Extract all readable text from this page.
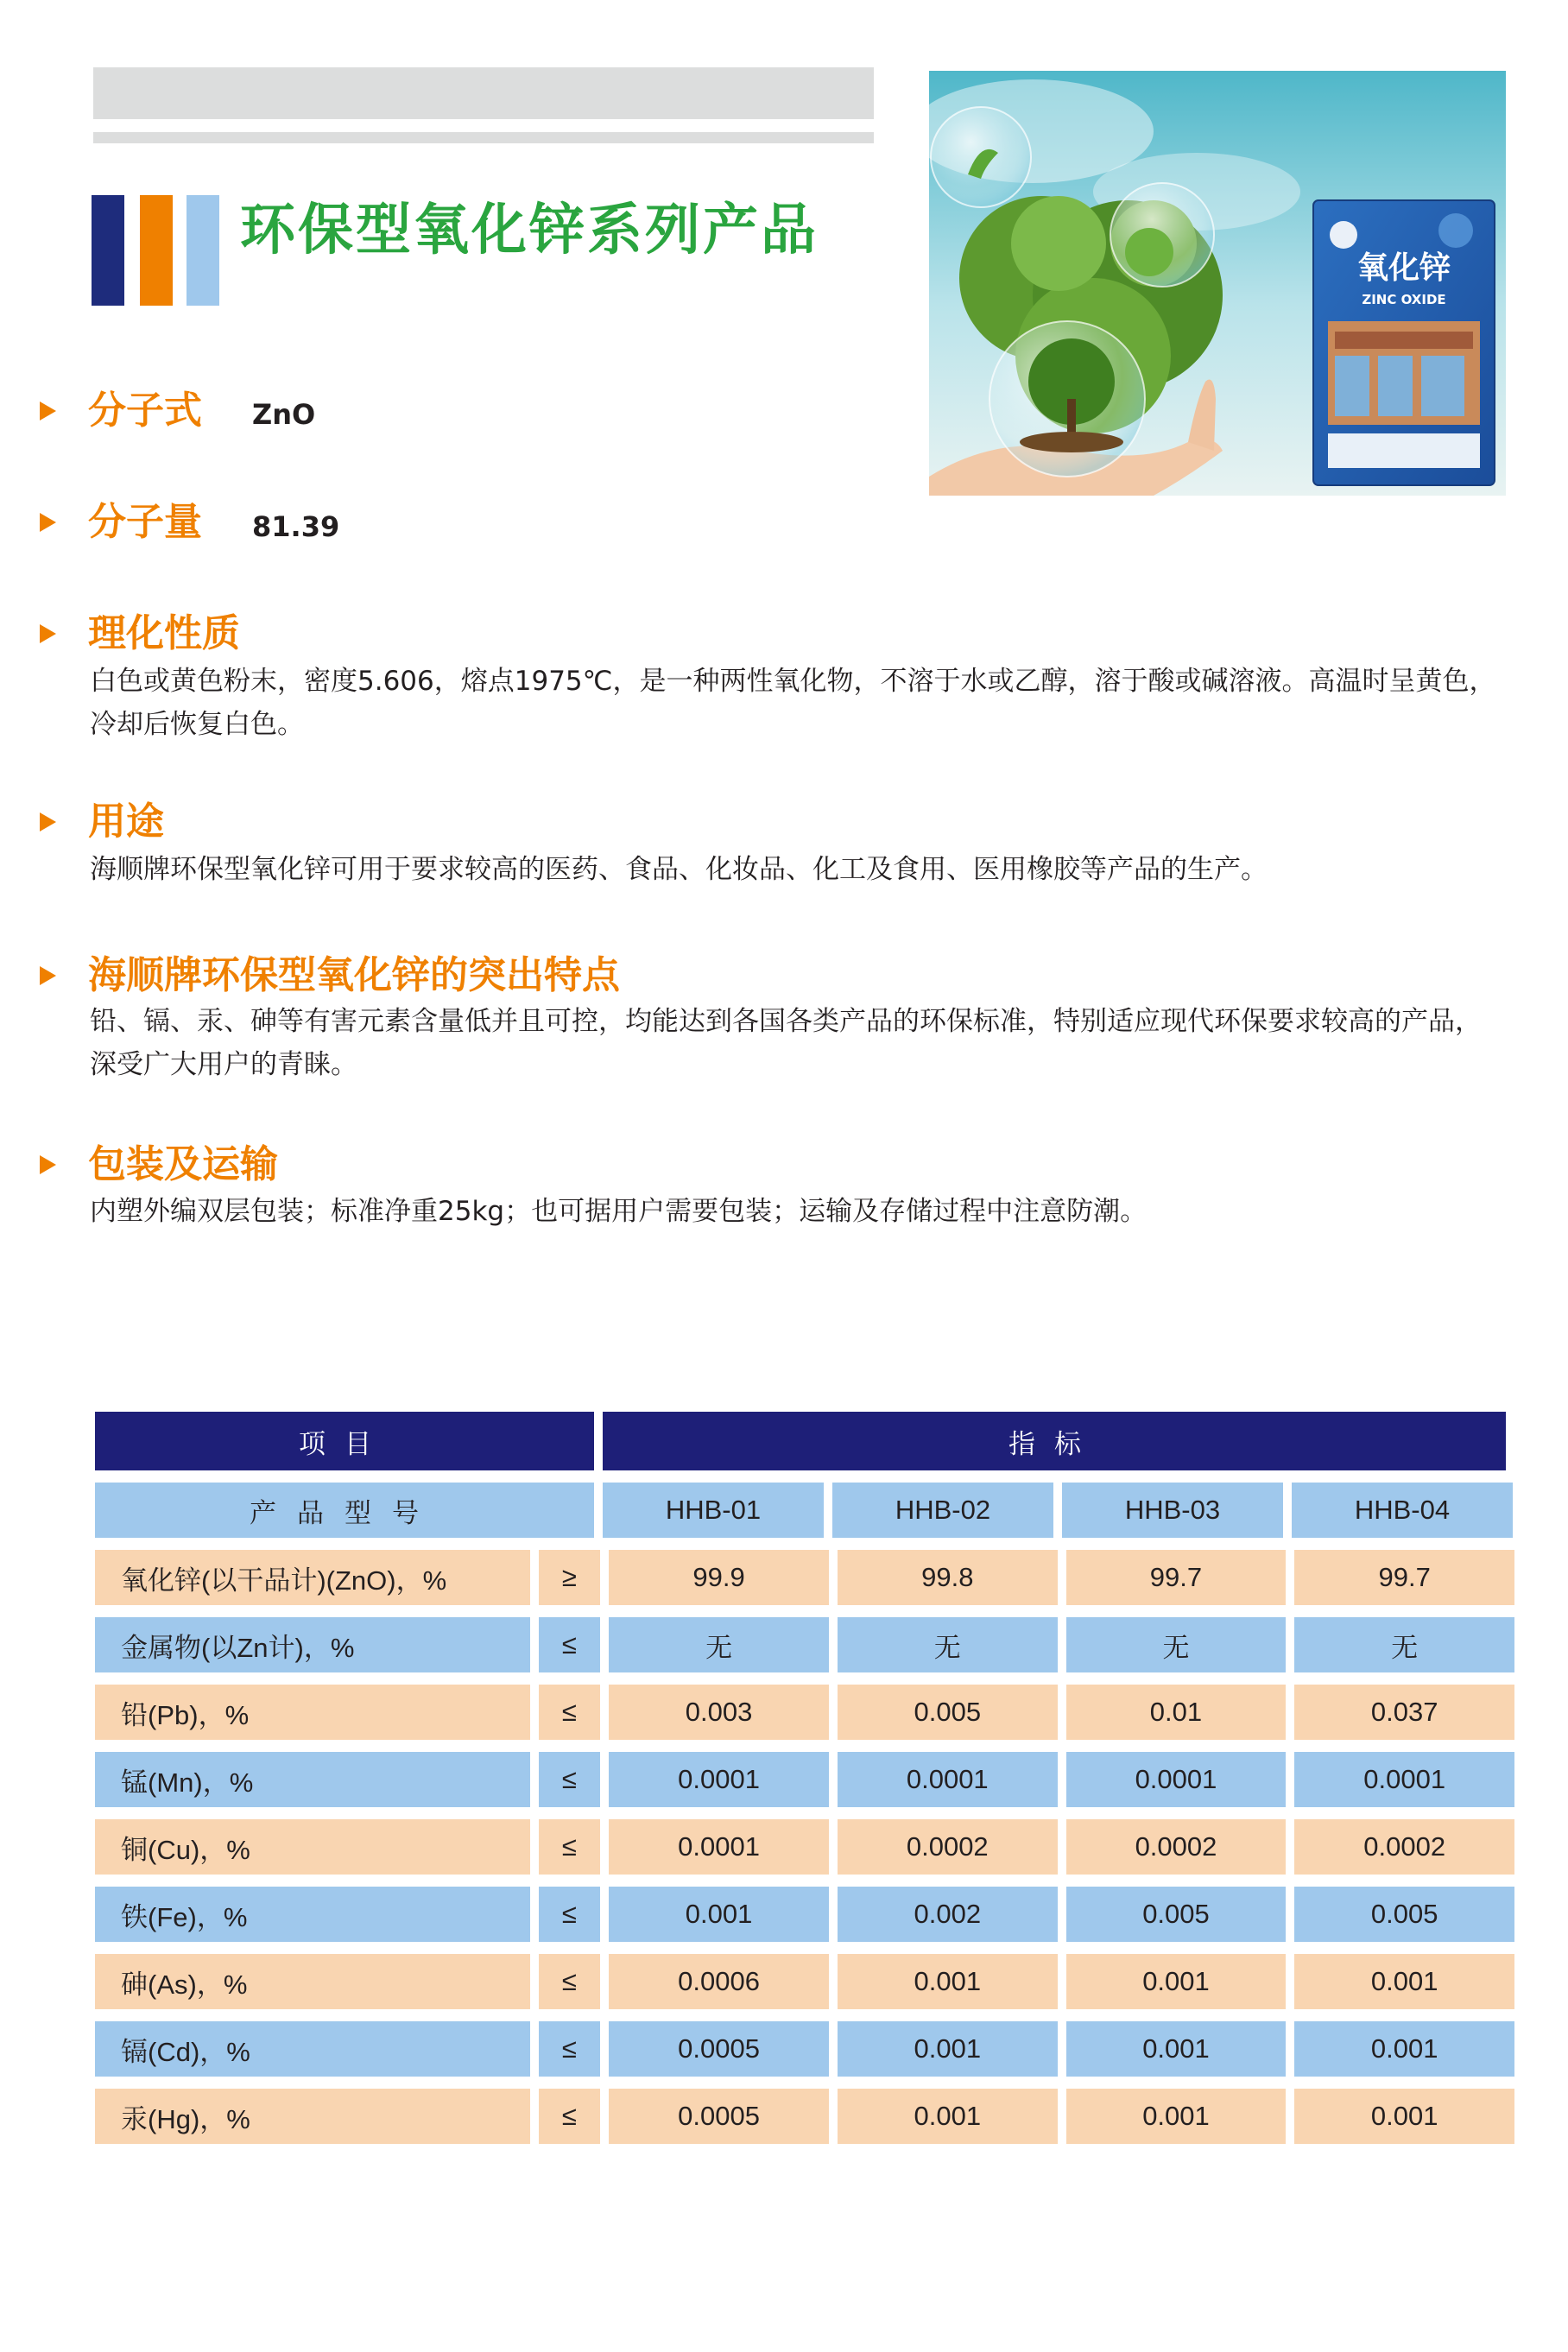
环保型氧化锌系列产品
氧化锌
ZINC OXIDE
分子式 ZnO
分子量 81.39
理化性质
白色或黄色粉末，密度5.606，熔点1975℃，是一种两性氧化物，不溶于水或乙醇，溶于酸或碱溶液。高温时呈黄色，冷却后恢复白色。
用途
海顺牌环保型氧化锌可用于要求较高的医药、食品、化妆品、化工及食用、医用橡胶等产品的生产。
海顺牌环保型氧化锌的突出特点
铅、镉、汞、砷等有害元素含量低并且可控，均能达到各国各类产品的环保标准，特别适应现代环保要求较高的产品，深受广大用户的青睐。
包装及运输
内塑外编双层包装；标准净重25kg；也可据用户需要包装；运输及存储过程中注意防潮。
项目	指标
产品型号	HHB-01	HHB-02	HHB-03	HHB-04
氧化锌(以干品计)(ZnO)，%	≥	99.9	99.8	99.7	99.7
金属物(以Zn计)，%	≤	无	无	无	无
铅(Pb)，%	≤	0.003	0.005	0.01	0.037
锰(Mn)，%	≤	0.0001	0.0001	0.0001	0.0001
铜(Cu)，%	≤	0.0001	0.0002	0.0002	0.0002
铁(Fe)，%	≤	0.001	0.002	0.005	0.005
砷(As)，%	≤	0.0006	0.001	0.001	0.001
镉(Cd)，%	≤	0.0005	0.001	0.001	0.001
汞(Hg)，%	≤	0.0005	0.001	0.001	0.001
